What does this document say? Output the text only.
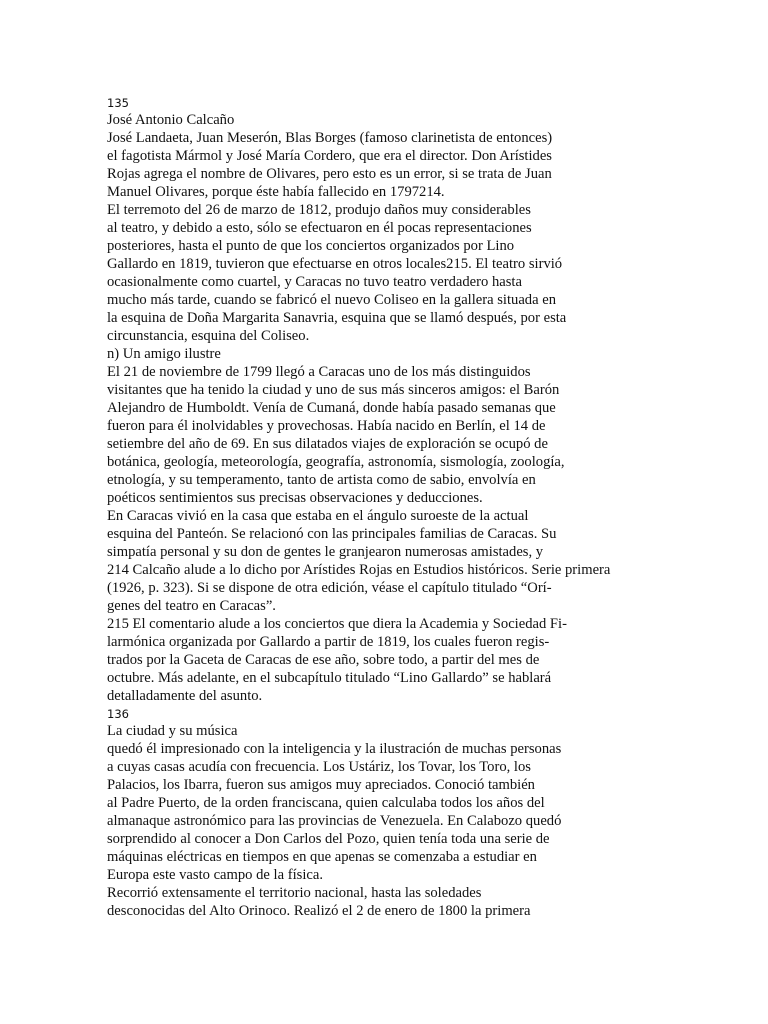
135
José Antonio Calcaño
José Landaeta, Juan Meserón, Blas Borges (famoso clarinetista de entonces)
el fagotista Mármol y José María Cordero, que era el director. Don Arístides
Rojas agrega el nombre de Olivares, pero esto es un error, si se trata de Juan
Manuel Olivares, porque éste había fallecido en 1797214.
El terremoto del 26 de marzo de 1812, produjo daños muy considerables
al teatro, y debido a esto, sólo se efectuaron en él pocas representaciones
posteriores, hasta el punto de que los conciertos organizados por Lino
Gallardo en 1819, tuvieron que efectuarse en otros locales215. El teatro sirvió
ocasionalmente como cuartel, y Caracas no tuvo teatro verdadero hasta
mucho más tarde, cuando se fabricó el nuevo Coliseo en la gallera situada en
la esquina de Doña Margarita Sanavria, esquina que se llamó después, por esta
circunstancia, esquina del Coliseo.
n) Un amigo ilustre
El 21 de noviembre de 1799 llegó a Caracas uno de los más distinguidos
visitantes que ha tenido la ciudad y uno de sus más sinceros amigos: el Barón
Alejandro de Humboldt. Venía de Cumaná, donde había pasado semanas que
fueron para él inolvidables y provechosas. Había nacido en Berlín, el 14 de
setiembre del año de 69. En sus dilatados viajes de exploración se ocupó de
botánica, geología, meteorología, geografía, astronomía, sismología, zoología,
etnología, y su temperamento, tanto de artista como de sabio, envolvía en
poéticos sentimientos sus precisas observaciones y deducciones.
En Caracas vivió en la casa que estaba en el ángulo suroeste de la actual
esquina del Panteón. Se relacionó con las principales familias de Caracas. Su
simpatía personal y su don de gentes le granjearon numerosas amistades, y
214 Calcaño alude a lo dicho por Arístides Rojas en Estudios históricos. Serie primera
(1926, p. 323). Si se dispone de otra edición, véase el capítulo titulado “Orí-
genes del teatro en Caracas”.
215 El comentario alude a los conciertos que diera la Academia y Sociedad Fi-
larmónica organizada por Gallardo a partir de 1819, los cuales fueron regis-
trados por la Gaceta de Caracas de ese año, sobre todo, a partir del mes de
octubre. Más adelante, en el subcapítulo titulado “Lino Gallardo” se hablará
detalladamente del asunto.
136
La ciudad y su música
quedó él impresionado con la inteligencia y la ilustración de muchas personas
a cuyas casas acudía con frecuencia. Los Ustáriz, los Tovar, los Toro, los
Palacios, los Ibarra, fueron sus amigos muy apreciados. Conoció también
al Padre Puerto, de la orden franciscana, quien calculaba todos los años del
almanaque astronómico para las provincias de Venezuela. En Calabozo quedó
sorprendido al conocer a Don Carlos del Pozo, quien tenía toda una serie de
máquinas eléctricas en tiempos en que apenas se comenzaba a estudiar en
Europa este vasto campo de la física.
Recorrió extensamente el territorio nacional, hasta las soledades
desconocidas del Alto Orinoco. Realizó el 2 de enero de 1800 la primera
